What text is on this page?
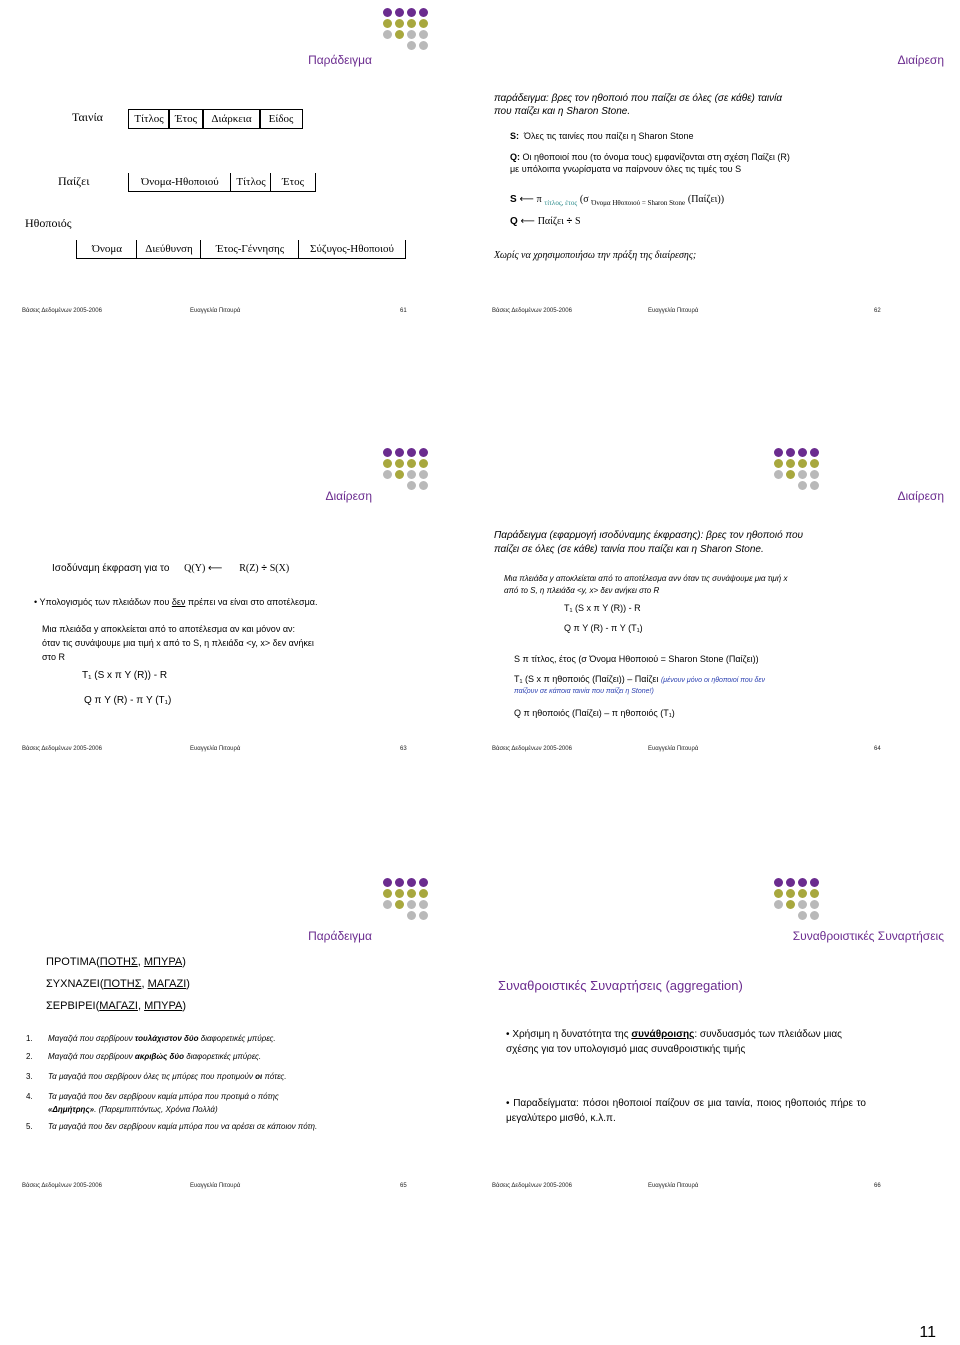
Παράδειγμα
Ταινία	Τίτλος	Έτος	Διάρκεια	Είδος
Παίζει	Όνομα-Ηθοποιού	Τίτλος	Έτος
Ηθοποιός
Όνομα	Διεύθυνση	Έτος-Γέννησης	Σύζυγος-Ηθοποιού
Βάσεις Δεδομένων 2005-2006	Ευαγγελία Πιτουρά	61
Διαίρεση
παράδειγμα: βρες τον ηθοποιό που παίζει σε όλες (σε κάθε) ταινία
που παίζει και η Sharon Stone.
S: Όλες τις ταινίες που παίζει η Sharon Stone
Q: Οι ηθοποιοί που (το όνομα τους) εμφανίζονται στη σχέση Παίζει (R)
με υπόλοιπα γνωρίσματα να παίρνουν όλες τις τιμές του S
S ⟵ π $_{\tau ί\tau\lambda o\varsigma, έ\tau o\varsigma}$ (σ $_{Ό\nu o\mu\alpha H\theta o\pi o\iota oύ = Sharon Stone}$ (Παίζει))
Q ⟵ Παίζει ÷ S
Χωρίς να χρησιμοποιήσω την πράξη της διαίρεσης;
Βάσεις Δεδομένων 2005-2006	Ευαγγελία Πιτουρά	62
Διαίρεση
Ισοδύναμη έκφραση για το Q(Y) ⟵ R(Z) ÷ S(X)
• Υπολογισμός των πλειάδων που δεν πρέπει να είναι στο αποτέλεσμα.
Μια πλειάδα y αποκλείεται από το αποτέλεσμα αν και μόνον αν:
όταν τις συνάψουμε μια τιμή x από το S, η πλειάδα <y, x> δεν ανήκει
στο R
T₁ (S x π Y (R)) - R
Q π Y (R) - π Y (T₁)
Βάσεις Δεδομένων 2005-2006	Ευαγγελία Πιτουρά	63
Διαίρεση
Παράδειγμα (εφαρμογή ισοδύναμης έκφρασης): βρες τον ηθοποιό που
παίζει σε όλες (σε κάθε) ταινία που παίζει και η Sharon Stone.
Μια πλειάδα y αποκλείεται από το αποτέλεσμα ανν όταν τις συνάψουμε μια τιμή x
από το S, η πλειάδα <y, x> δεν ανήκει στο R
T₁ (S x π Y (R)) - R
Q π Y (R) - π Y (T₁)
S π τίτλος, έτος (σ Όνομα Ηθοποιού = Sharon Stone (Παίζει))
T₁ (S x π ηθοποιός (Παίζει)) – Παίζει (μένουν μόνο οι ηθοποιοί που δεν
παίζουν σε κάποια ταινία που παίζει η Stone!)
Q π ηθοποιός (Παίζει) – π ηθοποιός (T₁)
Βάσεις Δεδομένων 2005-2006	Ευαγγελία Πιτουρά	64
Παράδειγμα
ΠΡΟΤΙΜΑ(ΠΟΤΗΣ, ΜΠΥΡΑ)
ΣΥΧΝΑΖΕΙ(ΠΟΤΗΣ, ΜΑΓΑΖΙ)
ΣΕΡΒΙΡΕΙ(ΜΑΓΑΖΙ, ΜΠΥΡΑ)
1. Μαγαζιά που σερβίρουν τουλάχιστον δύο διαφορετικές μπύρες.
2. Μαγαζιά που σερβίρουν ακριβώς δύο διαφορετικές μπύρες.
3. Τα μαγαζιά που σερβίρουν όλες τις μπύρες που προτιμούν οι πότες.
4. Τα μαγαζιά που δεν σερβίρουν καμία μπύρα που προτιμά ο πότης
«Δημήτρης». (Παρεμπιπτόντως, Χρόνια Πολλά)
5. Τα μαγαζιά που δεν σερβίρουν καμία μπύρα που να αρέσει σε κάποιον πότη.
Βάσεις Δεδομένων 2005-2006	Ευαγγελία Πιτουρά	65
Συναθροιστικές Συναρτήσεις
Συναθροιστικές Συναρτήσεις (aggregation)
• Χρήσιμη η δυνατότητα της συνάθροισης: συνδυασμός των πλειάδων μιας σχέσης για τον υπολογισμό μιας συναθροιστικής τιμής
• Παραδείγματα: πόσοι ηθοποιοί παίζουν σε μια ταινία, ποιος ηθοποιός πήρε το μεγαλύτερο μισθό, κ.λ.π.
Βάσεις Δεδομένων 2005-2006	Ευαγγελία Πιτουρά	66
11
